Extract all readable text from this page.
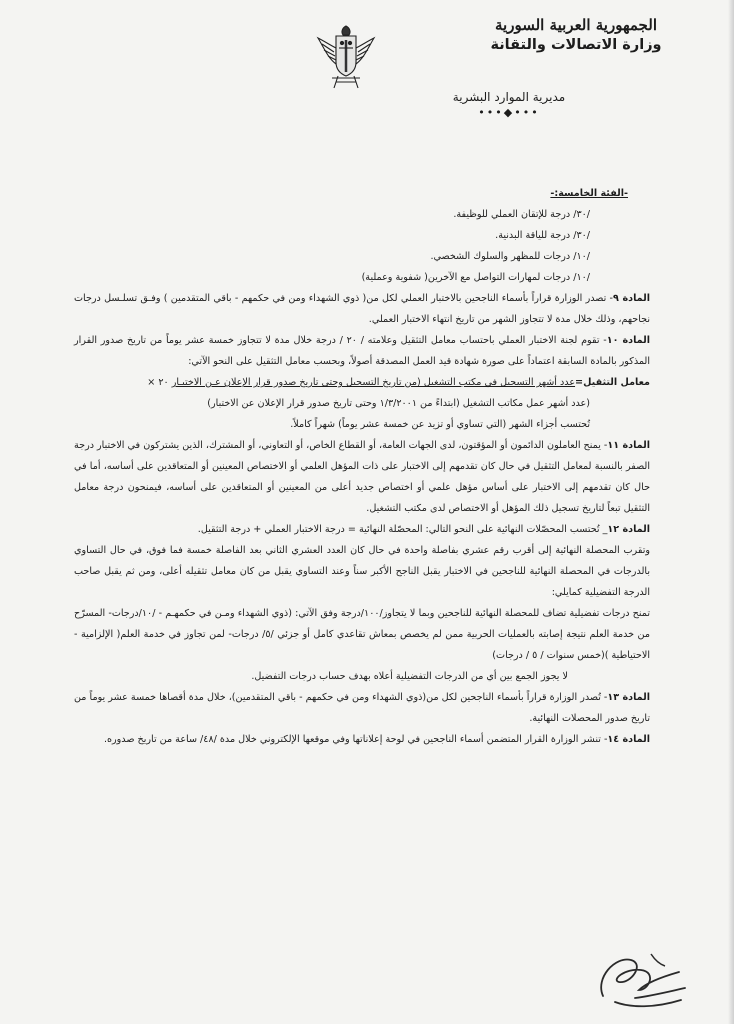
الجمهورية العربية السورية
وزارة الاتصالات والتقانة
مديرية الموارد البشرية
•••◆•••

-الفئة الخامسة:-

/٣٠/ درجة للإتقان العملي للوظيفة.

/٣٠/ درجة للياقة البدنية.

/١٠/ درجات للمظهر والسلوك الشخصي.

/١٠/ درجات لمهارات التواصل مع الآخرين( شفوية وعملية)

المادة ٩- تصدر الوزارة قراراً بأسماء الناجحين بالاختبار العملي لكل من( ذوي الشهداء ومن في حكمهم - باقي المتقدمين ) وفـق تسلـسل درجات نجاحهم، وذلك خلال مدة لا تتجاوز الشهر من تاريخ انتهاء الاختبار العملي.

المادة ١٠- تقوم لجنة الاختبار العملي باحتساب معامل التثقيل وعلامته / ٢٠ / درجة خلال مدة لا تتجاوز خمسة عشر يوماً من تاريخ صدور القرار المذكور بالمادة السابقة اعتماداً على صورة شهادة قيد العمل المصدقة أصولاً، وبحسب معامل التثقيل على النحو الآتي:

معامل التثقيل=عدد أشهر التسجيل في مكتب التشغيل (من تاريخ التسجيل وحتى تاريخ صدور قرار الإعلان عـن الاختبـار ٢٠ ×

(عدد أشهر عمل مكاتب التشغيل (ابتداءً من ١/٣/٢٠٠١ وحتى تاريخ صدور قرار الإعلان عن الاختبار)

تُحتسب أجزاء الشهر (التي تساوي أو تزيد عن خمسة عشر يوماً) شهراً كاملاً.

المادة ١١- يمنح العاملون الدائمون أو المؤقتون، لدى الجهات العامة، أو القطاع الخاص، أو التعاوني، أو المشترك، الذين يشتركون في الاختبار درجة الصفر بالنسبة لمعامل التثقيل في حال كان تقدمهم إلى الاختبار على ذات المؤهل العلمي أو الاختصاص المعينين أو المتعاقدين على أساسه، أما في حال كان تقدمهم إلى الاختبار على أساس مؤهل علمي أو اختصاص جديد أعلى من المعينين أو المتعاقدين على أساسه، فيمنحون درجة معامل التثقيل تبعاً لتاريخ تسجيل ذلك المؤهل أو الاختصاص لدى مكتب التشغيل.

المادة ١٢_ تُحتسب المحصّلات النهائية على النحو التالي: المحصّلة النهائية = درجة الاختبار العملي + درجة التثقيل.

وتقرب المحصلة النهائية إلى أقرب رقم عشري بفاصلة واحدة في حال كان العدد العشري الثاني بعد الفاصلة خمسة فما فوق، في حال التساوي بالدرجات في المحصلة النهائية للناجحين في الاختبار يقبل الناجح الأكبر سناً وعند التساوي يقبل من كان معامل تثقيله أعلى، ومن ثم يقبل صاحب الدرجة التفضيلية كمايلي:

تمنح درجات تفضيلية تضاف للمحصلة النهائية للناجحين وبما لا يتجاوز/١٠٠/درجة وفق الآتي: (ذوي الشهداء ومـن في حكمهـم - /١٠/درجات- المسرّح من خدمة العلم نتيجة إصابته بالعمليات الحربية ممن لم يخصص بمعاش تقاعدي كامل أو جزئي /٥/ درجات- لمن تجاوز في خدمة العلم( الإلزامية - الاحتياطية )(خمس سنوات / ٥ / درجات)

لا يجوز الجمع بين أي من الدرجات التفضيلية أعلاه بهدف حساب درجات التفضيل.

المادة ١٣- تُصدر الوزارة قراراً بأسماء الناجحين لكل من(ذوي الشهداء ومن في حكمهم - باقي المتقدمين)، خلال مدة أقصاها خمسة عشر يوماً من تاريخ صدور المحصلات النهائية.

المادة ١٤- تنشر الوزارة القرار المتضمن أسماء الناجحين في لوحة إعلاناتها وفي موقعها الإلكتروني خلال مدة /٤٨/ ساعة من تاريخ صدوره.
